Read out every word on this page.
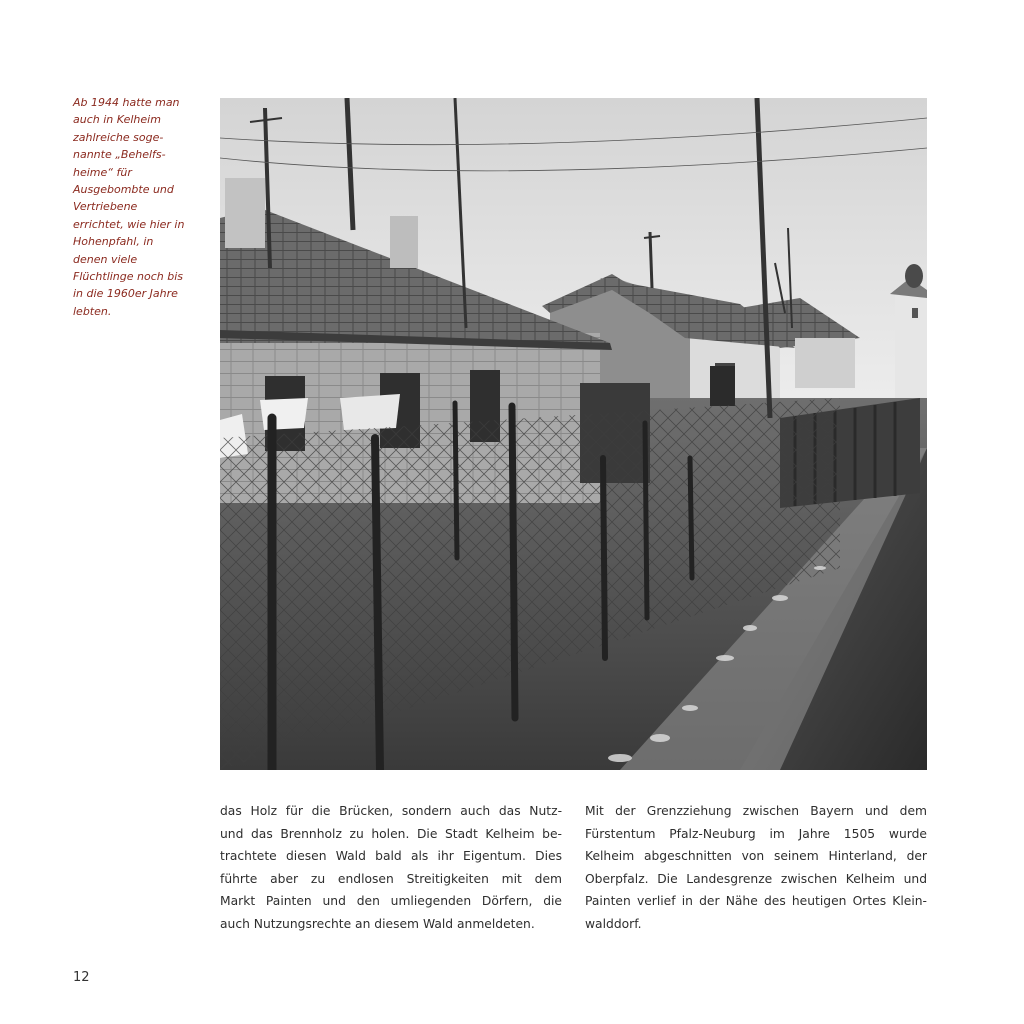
Ab 1944 hatte man
auch in Kelheim
zahlreiche soge-
nannte „Behelfs-
heime“ für
Ausgebombte und
Vertriebene
errichtet, wie hier in
Hohenpfahl, in
denen viele
Flüchtlinge noch bis
in die 1960er Jahre
lebten.

das Holz für die Brücken, sondern auch das Nutz-
und das Brennholz zu holen. Die Stadt Kelheim be-
trachtete diesen Wald bald als ihr Eigentum. Dies
führte aber zu endlosen Streitigkeiten mit dem
Markt Painten und den umliegenden Dörfern, die
auch Nutzungsrechte an diesem Wald anmeldeten.

Mit der Grenzziehung zwischen Bayern und dem
Fürstentum Pfalz-Neuburg im Jahre 1505 wurde
Kelheim abgeschnitten von seinem Hinterland, der
Oberpfalz. Die Landesgrenze zwischen Kelheim und
Painten verlief in der Nähe des heutigen Ortes Klein-
walddorf.

12
